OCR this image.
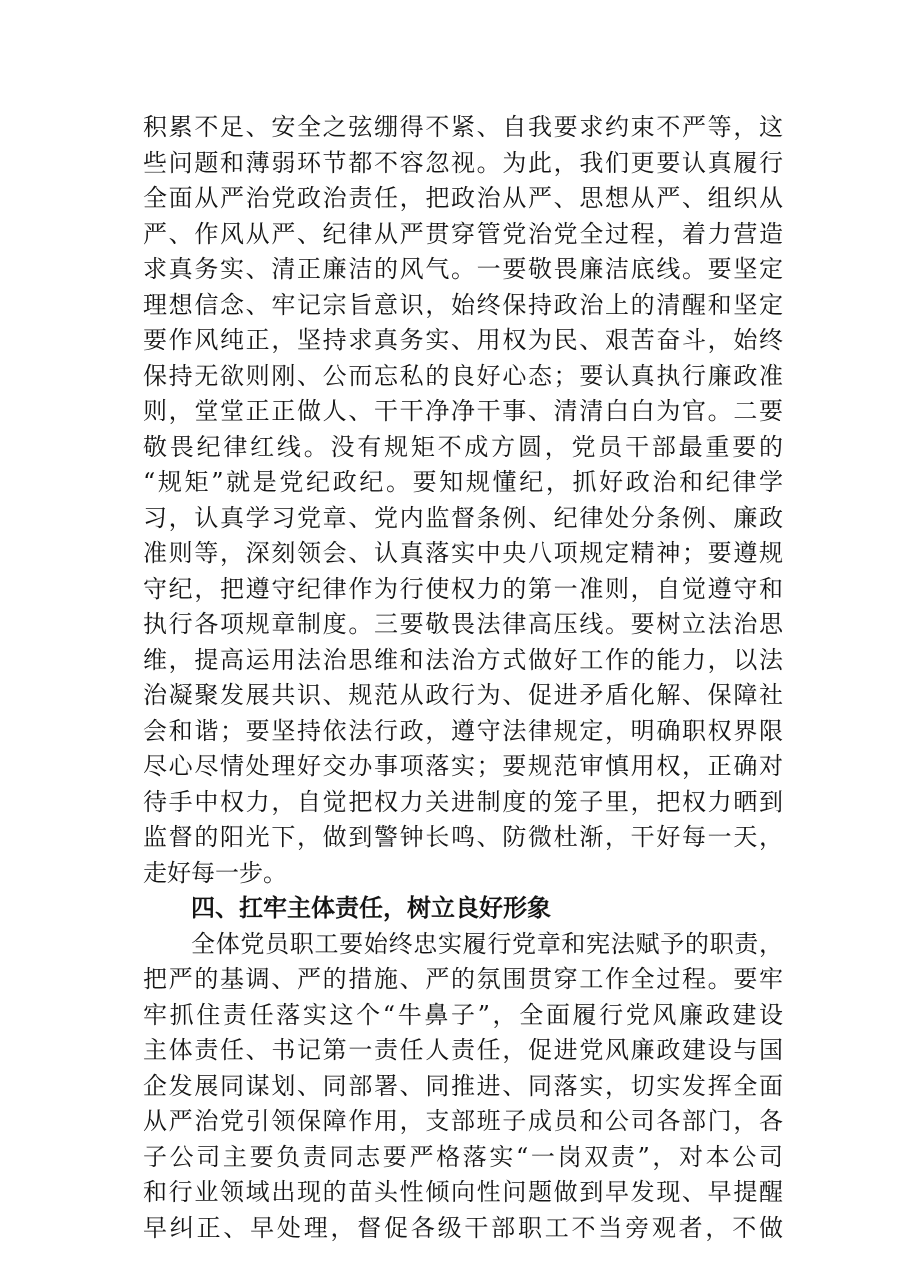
积累不足、安全之弦绷得不紧、自我要求约束不严等，这
些问题和薄弱环节都不容忽视。为此，我们更要认真履行
全面从严治党政治责任，把政治从严、思想从严、组织从
严、作风从严、纪律从严贯穿管党治党全过程，着力营造
求真务实、清正廉洁的风气。一要敬畏廉洁底线。要坚定
理想信念、牢记宗旨意识，始终保持政治上的清醒和坚定
要作风纯正，坚持求真务实、用权为民、艰苦奋斗，始终
保持无欲则刚、公而忘私的良好心态；要认真执行廉政准
则，堂堂正正做人、干干净净干事、清清白白为官。二要
敬畏纪律红线。没有规矩不成方圆，党员干部最重要的
“规矩”就是党纪政纪。要知规懂纪，抓好政治和纪律学
习，认真学习党章、党内监督条例、纪律处分条例、廉政
准则等，深刻领会、认真落实中央八项规定精神；要遵规
守纪，把遵守纪律作为行使权力的第一准则，自觉遵守和
执行各项规章制度。三要敬畏法律高压线。要树立法治思
维，提高运用法治思维和法治方式做好工作的能力，以法
治凝聚发展共识、规范从政行为、促进矛盾化解、保障社
会和谐；要坚持依法行政，遵守法律规定，明确职权界限
尽心尽情处理好交办事项落实；要规范审慎用权，正确对
待手中权力，自觉把权力关进制度的笼子里，把权力晒到
监督的阳光下，做到警钟长鸣、防微杜渐，干好每一天，
走好每一步。
四、扛牢主体责任，树立良好形象
全体党员职工要始终忠实履行党章和宪法赋予的职责，
把严的基调、严的措施、严的氛围贯穿工作全过程。要牢
牢抓住责任落实这个“牛鼻子”，全面履行党风廉政建设
主体责任、书记第一责任人责任，促进党风廉政建设与国
企发展同谋划、同部署、同推进、同落实，切实发挥全面
从严治党引领保障作用，支部班子成员和公司各部门，各
子公司主要负责同志要严格落实“一岗双责”，对本公司
和行业领域出现的苗头性倾向性问题做到早发现、早提醒
早纠正、早处理，督促各级干部职工不当旁观者，不做
